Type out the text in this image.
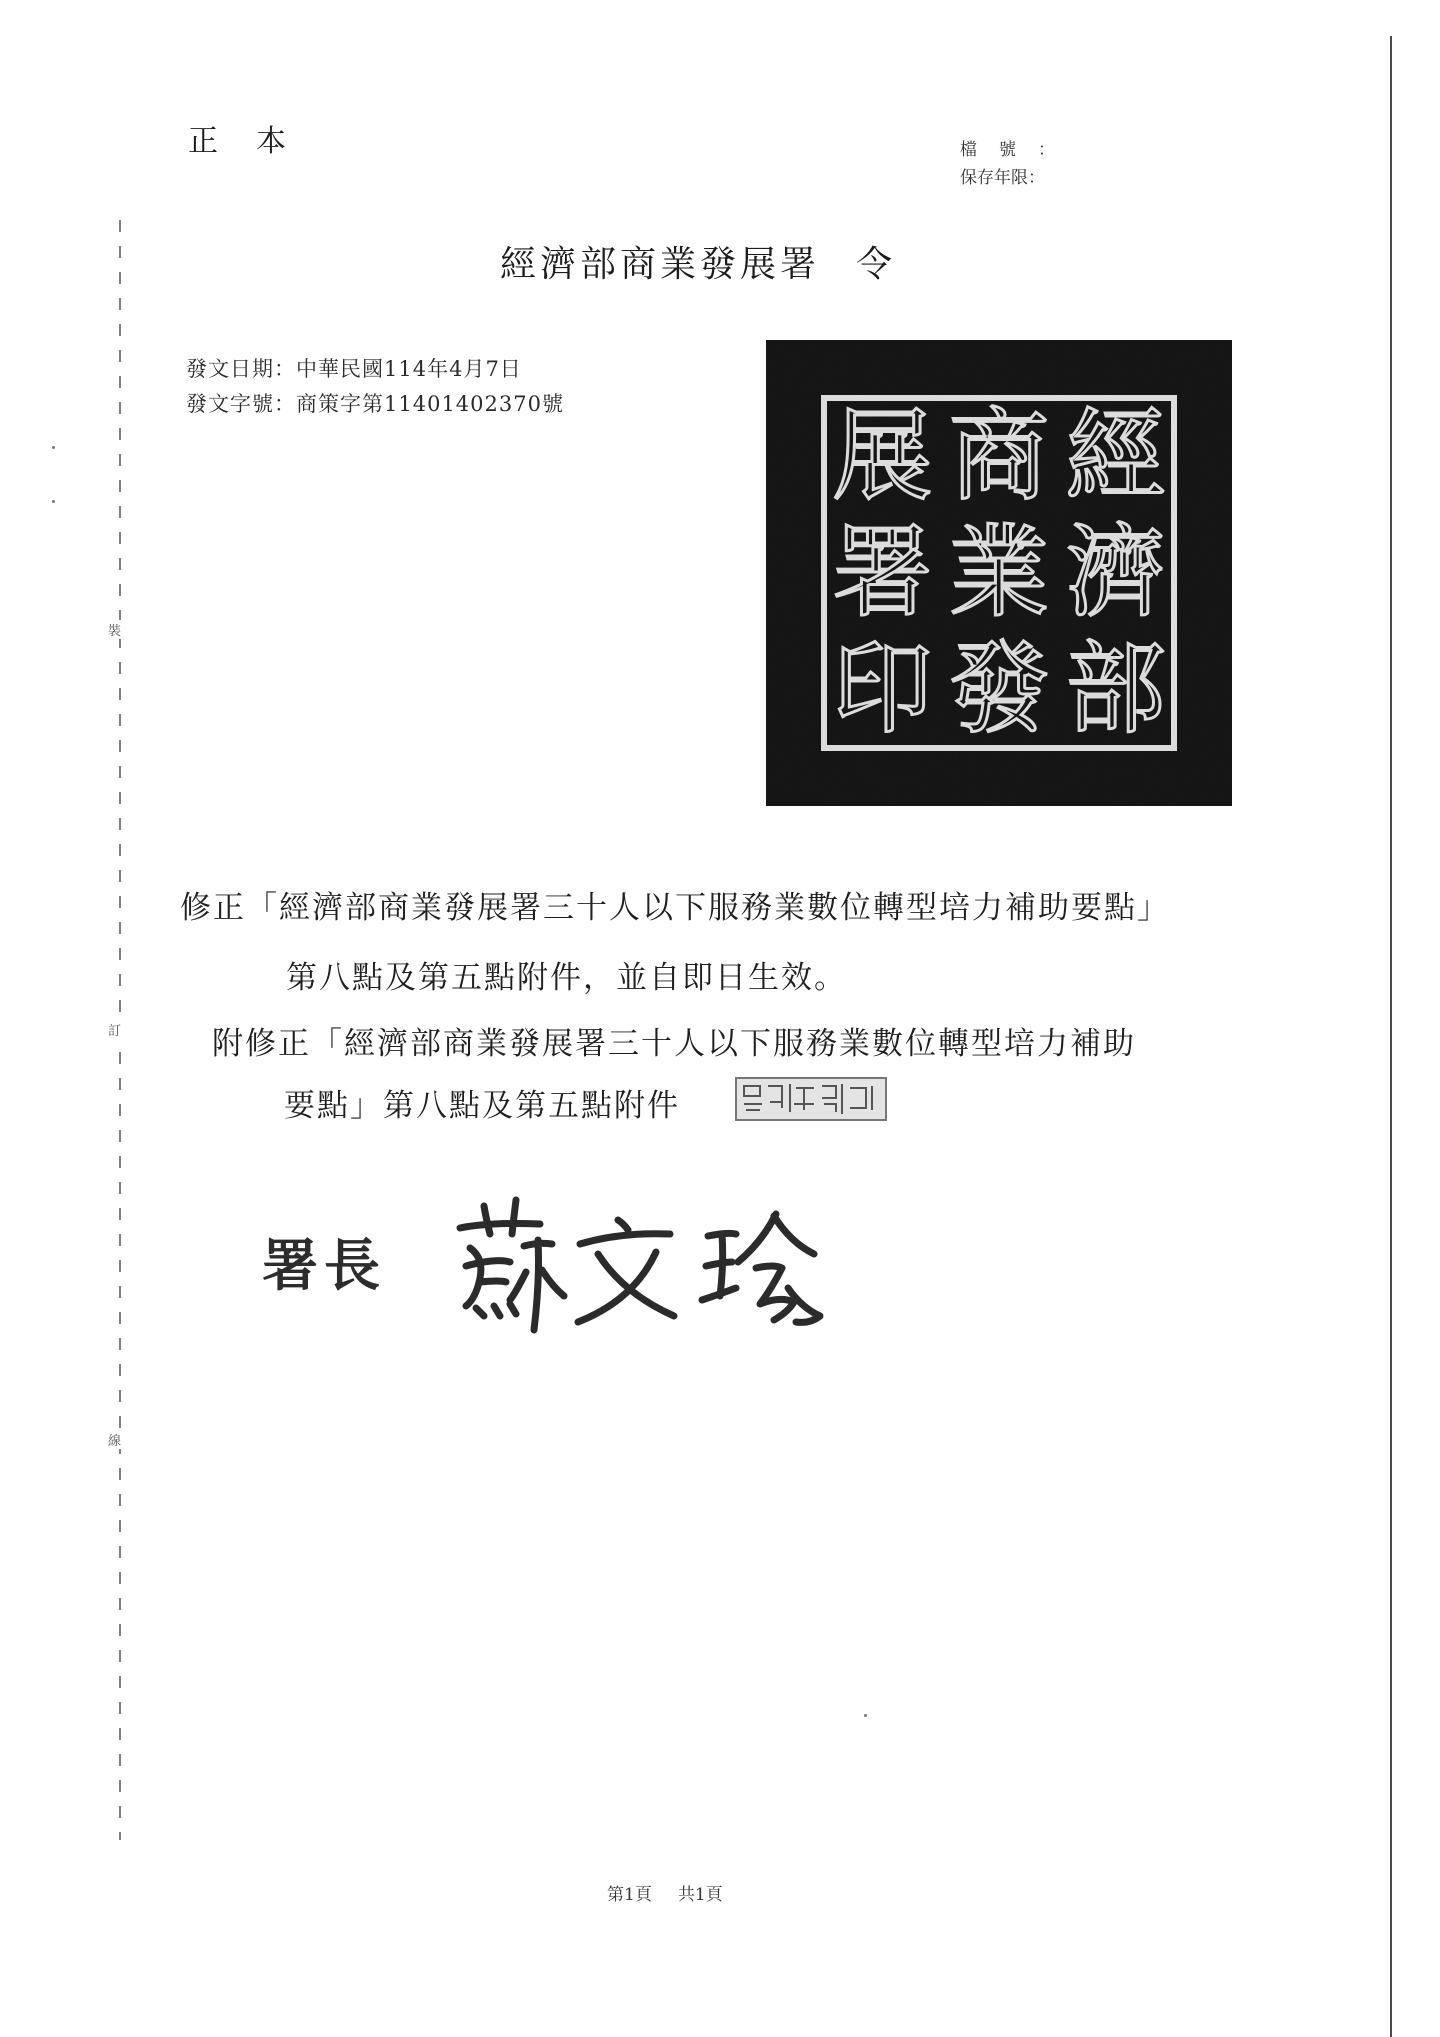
正本	檔號：
保存年限：
經濟部商業發展署 令
發文日期：中華民國114年4月7日
發文字號：商策字第11401402370號	經
濟
部
商
業
發
展
署
印
修正「經濟部商業發展署三十人以下服務業數位轉型培力補助要點」
第八點及第五點附件，並自即日生效。
附修正「經濟部商業發展署三十人以下服務業數位轉型培力補助
要點」第八點及第五點附件
署長
裝
訂
線
第1頁 共1頁
